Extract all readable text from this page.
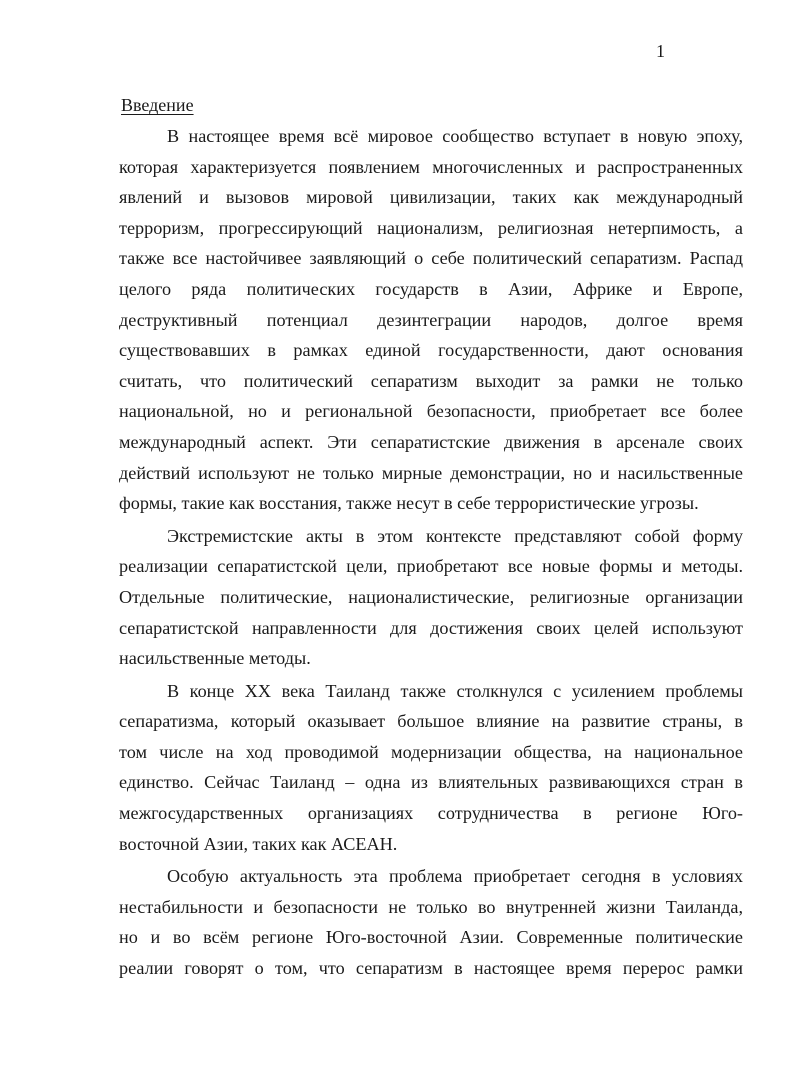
1
Введение
В настоящее время всё мировое сообщество вступает в новую эпоху,
которая характеризуется появлением многочисленных и распространенных
явлений и вызовов мировой цивилизации, таких как международный
терроризм, прогрессирующий национализм, религиозная нетерпимость, а
также все настойчивее заявляющий о себе политический сепаратизм. Распад
целого ряда политических государств в Азии, Африке и Европе,
деструктивный потенциал дезинтеграции народов, долгое время
существовавших в рамках единой государственности, дают основания
считать, что политический сепаратизм выходит за рамки не только
национальной, но и региональной безопасности, приобретает все более
международный аспект. Эти сепаратистские движения в арсенале своих
действий используют не только мирные демонстрации, но и насильственные
формы, такие как восстания, также несут в себе террористические угрозы.
Экстремистские акты в этом контексте представляют собой форму
реализации сепаратистской цели, приобретают все новые формы и методы.
Отдельные политические, националистические, религиозные организации
сепаратистской направленности для достижения своих целей используют
насильственные методы.
В конце XX века Таиланд также столкнулся с усилением проблемы
сепаратизма, который оказывает большое влияние на развитие страны, в
том числе на ход проводимой модернизации общества, на национальное
единство. Сейчас Таиланд – одна из влиятельных развивающихся стран в
межгосударственных организациях сотрудничества в регионе Юго-
восточной Азии, таких как АСЕАН.
Особую актуальность эта проблема приобретает сегодня в условиях
нестабильности и безопасности не только во внутренней жизни Таиланда,
но и во всём регионе Юго-восточной Азии. Современные политические
реалии говорят о том, что сепаратизм в настоящее время перерос рамки
